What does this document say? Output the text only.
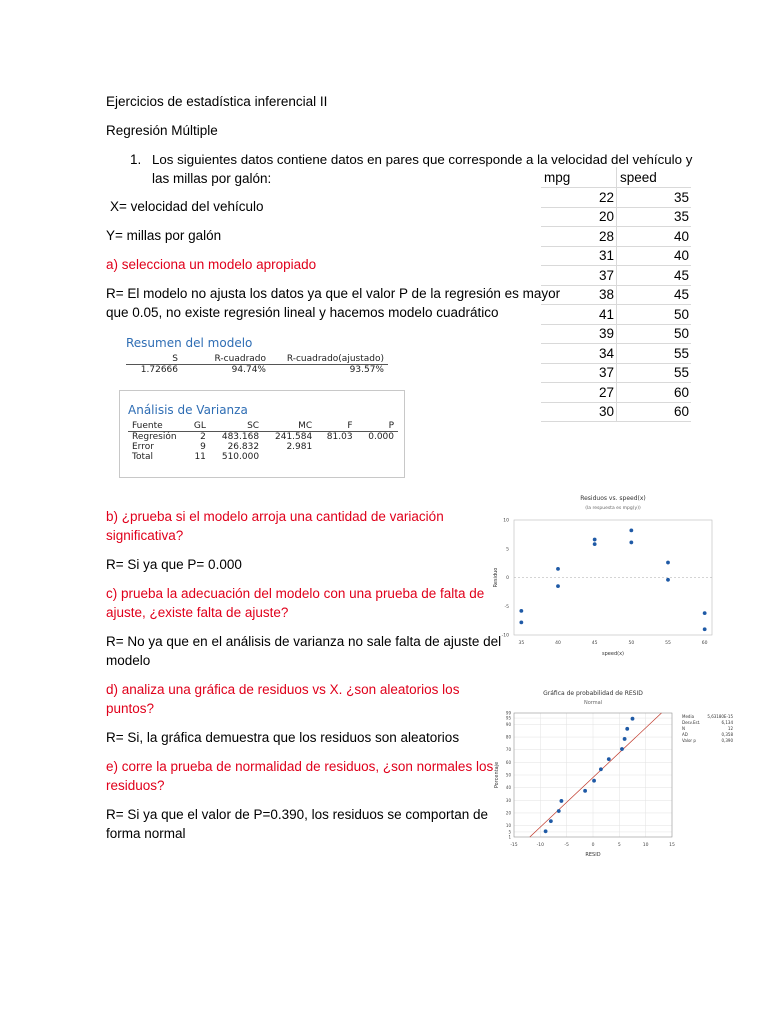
Ejercicios de estadística inferencial II
Regresión Múltiple
1. Los siguientes datos contiene datos en pares que corresponde a la velocidad del vehículo y
las millas por galón:
X= velocidad del vehículo
Y= millas por galón
a) selecciona un modelo apropiado
R= El modelo no ajusta los datos ya que el valor P de la regresión es mayor
que 0.05, no existe regresión lineal y hacemos modelo cuadrático
mpg	speed
22	35
20	35
28	40
31	40
37	45
38	45
41	50
39	50
34	55
37	55
27	60
30	60
Resumen del modelo
S	R-cuadrado	R-cuadrado(ajustado)
1.72666	94.74%	93.57%
Análisis de Varianza
Fuente	GL	SC	MC	F	P
Regresión	2	483.168	241.584	81.03	0.000
Error	9	26.832	2.981		
Total	11	510.000			
Residuos vs. speed(x)
(la respuesta es mpg(y))
35	40	45	50	55	60
-10
-5
0
5
10
speed(x)
Residuo
Gráfica de probabilidad de RESID
Normal
1
5
10
20
30
40
50
60
70
80
90
95
99
-15	-10	-5	0	5	10	15
RESID
Porcentaje
Media	5,63180E-15
Desv.Est.	6,134
N	12
AD	0,358
Valor p	0,390
b) ¿prueba si el modelo arroja una cantidad de variación
significativa?
R= Si ya que P= 0.000
c) prueba la adecuación del modelo con una prueba de falta de
ajuste, ¿existe falta de ajuste?
R= No ya que en el análisis de varianza no sale falta de ajuste del
modelo
d) analiza una gráfica de residuos vs X. ¿son aleatorios los
puntos?
R= Si, la gráfica demuestra que los residuos son aleatorios
e) corre la prueba de normalidad de residuos, ¿son normales los
residuos?
R= Si ya que el valor de P=0.390, los residuos se comportan de
forma normal
